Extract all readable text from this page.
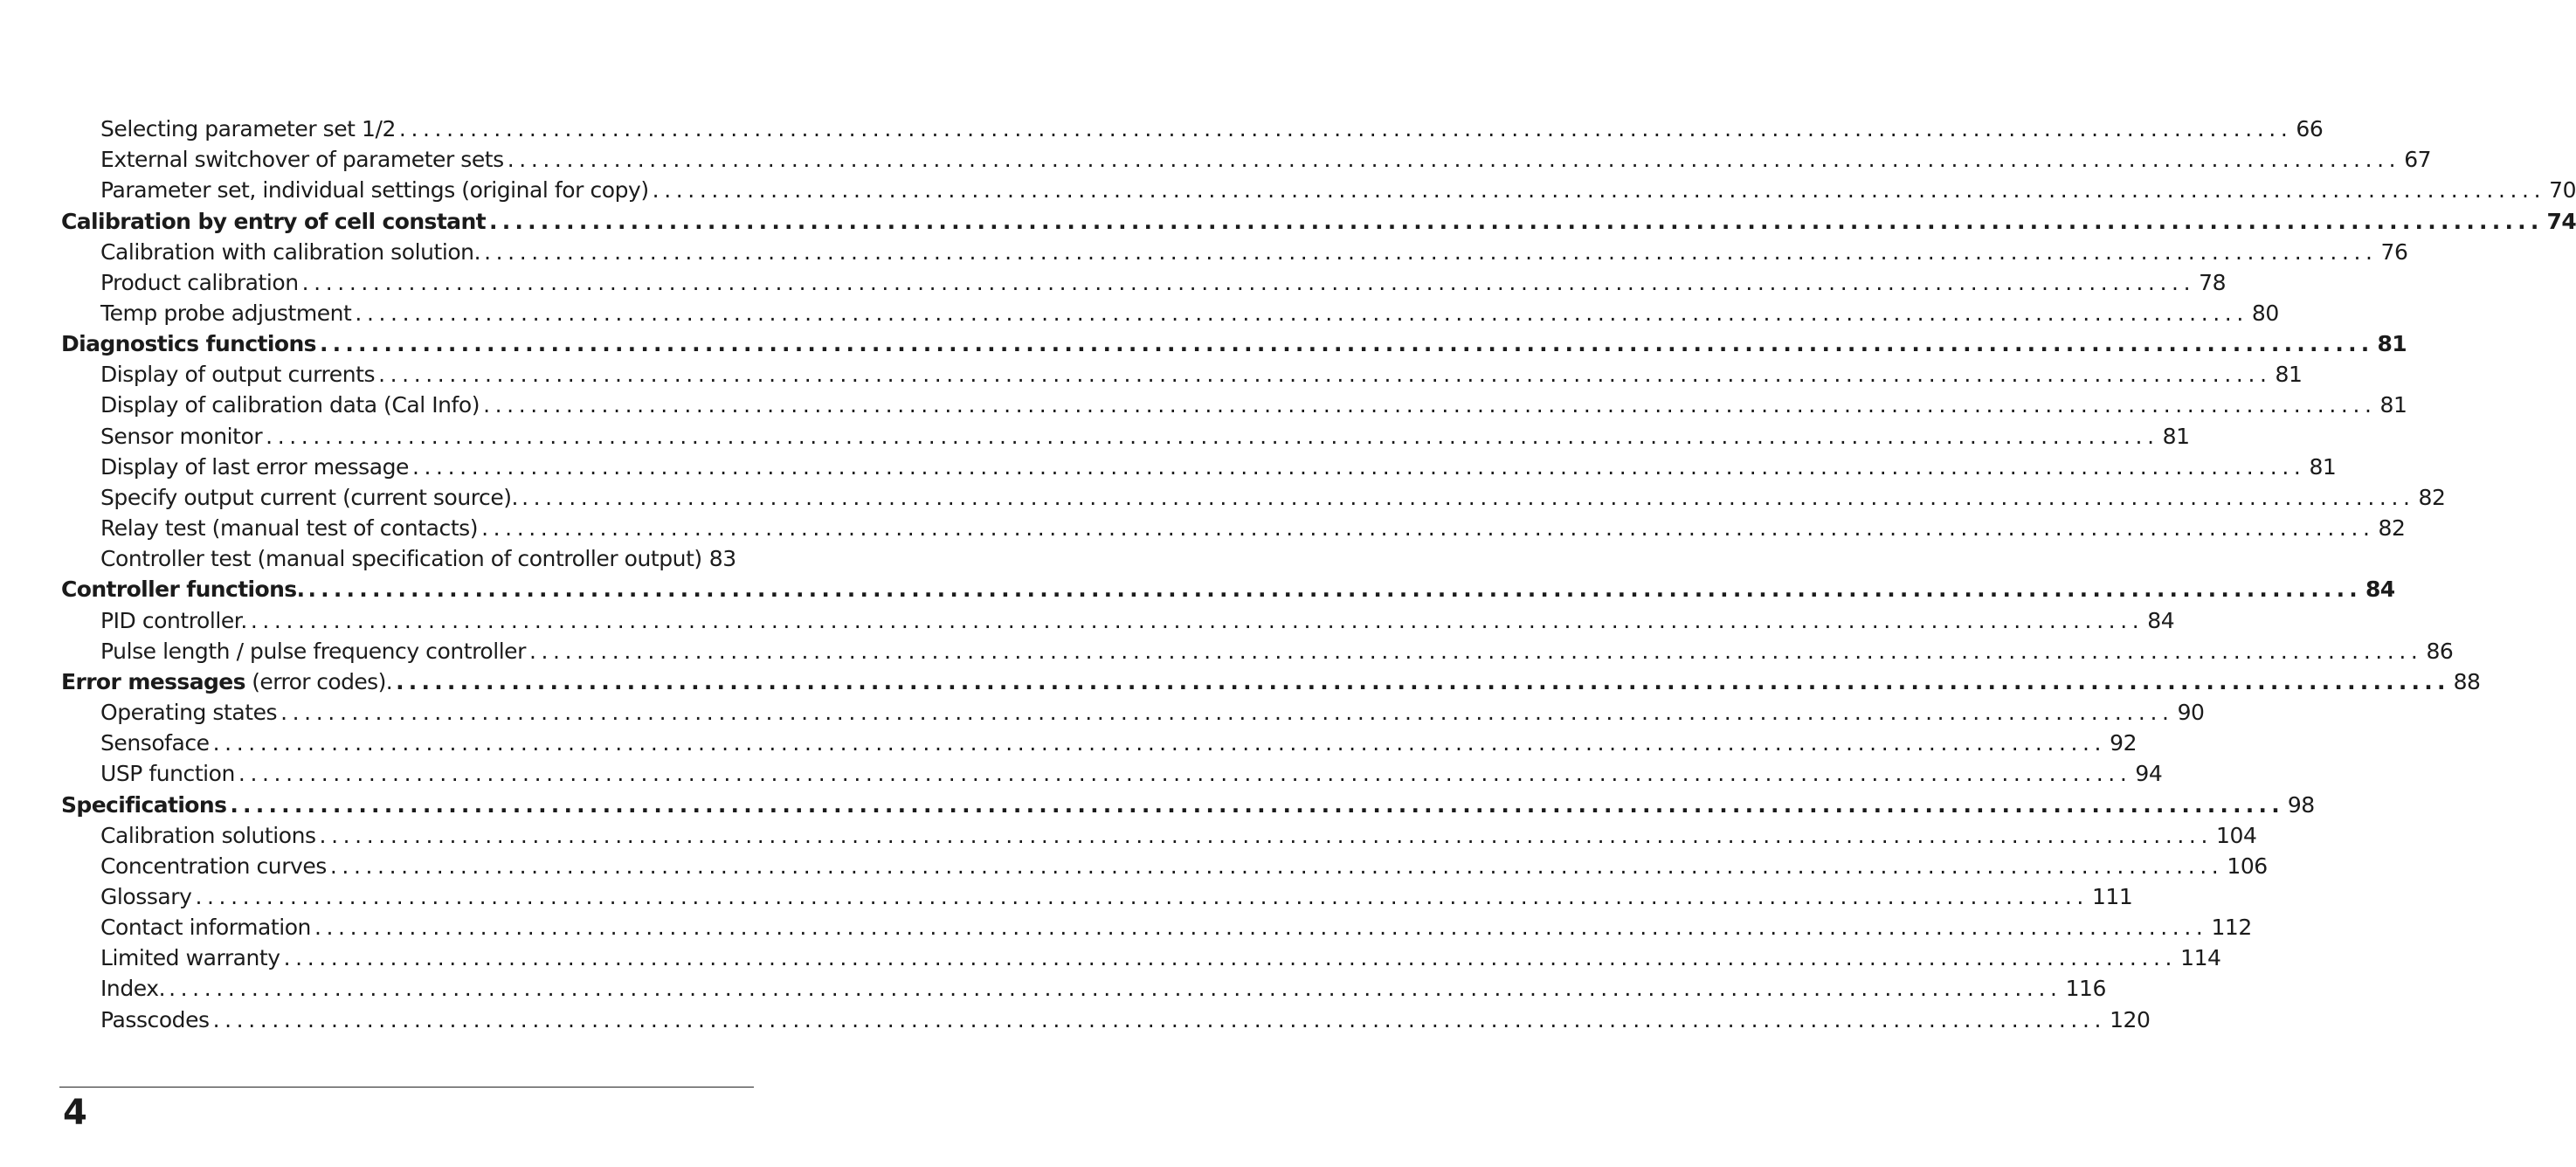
Selecting parameter set 1/2 ................................................................................................................................................................ 66
External switchover of parameter sets ................................................................................................................................................................ 67
Parameter set, individual settings (original for copy) ................................................................................................................................................................ 70
Calibration by entry of cell constant ................................................................................................................................................................ 74
Calibration with calibration solution. ................................................................................................................................................................ 76
Product calibration ................................................................................................................................................................ 78
Temp probe adjustment ................................................................................................................................................................ 80
Diagnostics functions ................................................................................................................................................................ 81
Display of output currents ................................................................................................................................................................ 81
Display of calibration data (Cal Info) ................................................................................................................................................................ 81
Sensor monitor ................................................................................................................................................................ 81
Display of last error message ................................................................................................................................................................ 81
Specify output current (current source). ................................................................................................................................................................ 82
Relay test (manual test of contacts) ................................................................................................................................................................ 82
Controller test (manual specification of controller output) 83
Controller functions. ................................................................................................................................................................ 84
PID controller. ................................................................................................................................................................ 84
Pulse length / pulse frequency controller ................................................................................................................................................................ 86
Error messages (error codes). ................................................................................................................................................................ 88
Operating states ................................................................................................................................................................ 90
Sensoface ................................................................................................................................................................ 92
USP function ................................................................................................................................................................ 94
Specifications ................................................................................................................................................................ 98
Calibration solutions ................................................................................................................................................................ 104
Concentration curves ................................................................................................................................................................ 106
Glossary ................................................................................................................................................................ 111
Contact information ................................................................................................................................................................ 112
Limited warranty ................................................................................................................................................................ 114
Index. ................................................................................................................................................................ 116
Passcodes ................................................................................................................................................................ 120
4
